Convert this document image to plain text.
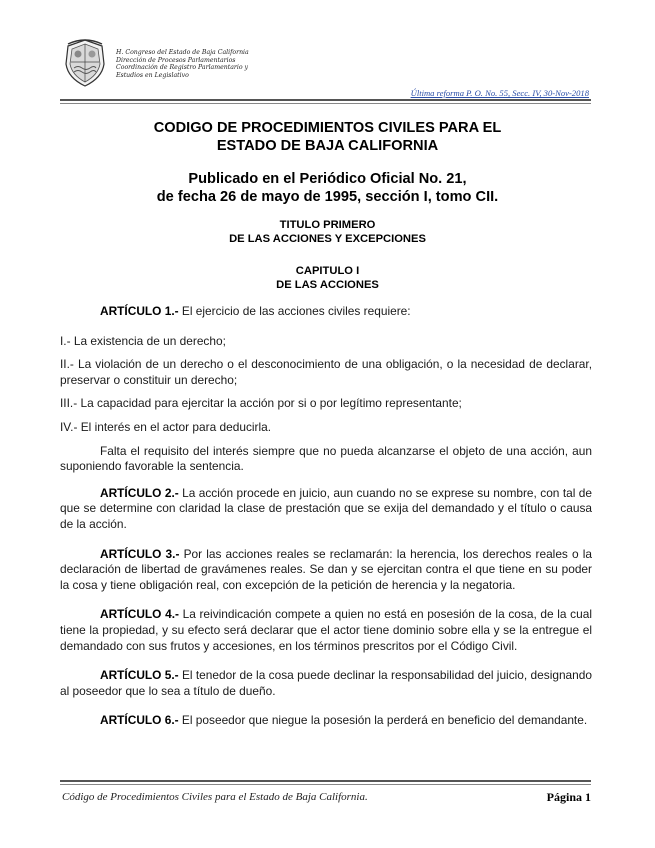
H. Congreso del Estado de Baja California
Dirección de Procesos Parlamentarios
Coordinación de Registro Parlamentario y
Estudios en Legislativo
Última reforma P. O. No. 55, Secc. IV, 30-Nov-2018
CODIGO DE PROCEDIMIENTOS CIVILES PARA EL
ESTADO DE BAJA CALIFORNIA
Publicado en el Periódico Oficial No. 21,
de fecha 26 de mayo de 1995, sección I, tomo CII.
TITULO PRIMERO
DE LAS ACCIONES Y EXCEPCIONES
CAPITULO I
DE LAS ACCIONES

ARTÍCULO 1.- El ejercicio de las acciones civiles requiere:

I.- La existencia de un derecho;

II.- La violación de un derecho o el desconocimiento de una obligación, o la necesidad de declarar, preservar o constituir un derecho;

III.- La capacidad para ejercitar la acción por si o por legítimo representante;

IV.- El interés en el actor para deducirla.

Falta el requisito del interés siempre que no pueda alcanzarse el objeto de una acción, aun suponiendo favorable la sentencia.

ARTÍCULO 2.- La acción procede en juicio, aun cuando no se exprese su nombre, con tal de que se determine con claridad la clase de prestación que se exija del demandado y el título o causa de la acción.

ARTÍCULO 3.- Por las acciones reales se reclamarán: la herencia, los derechos reales o la declaración de libertad de gravámenes reales. Se dan y se ejercitan contra el que tiene en su poder la cosa y tiene obligación real, con excepción de la petición de herencia y la negatoria.

ARTÍCULO 4.- La reivindicación compete a quien no está en posesión de la cosa, de la cual tiene la propiedad, y su efecto será declarar que el actor tiene dominio sobre ella y se la entregue el demandado con sus frutos y accesiones, en los términos prescritos por el Código Civil.

ARTÍCULO 5.- El tenedor de la cosa puede declinar la responsabilidad del juicio, designando al poseedor que lo sea a título de dueño.

ARTÍCULO 6.- El poseedor que niegue la posesión la perderá en beneficio del demandante.

Código de Procedimientos Civiles para el Estado de Baja California.	Página 1
